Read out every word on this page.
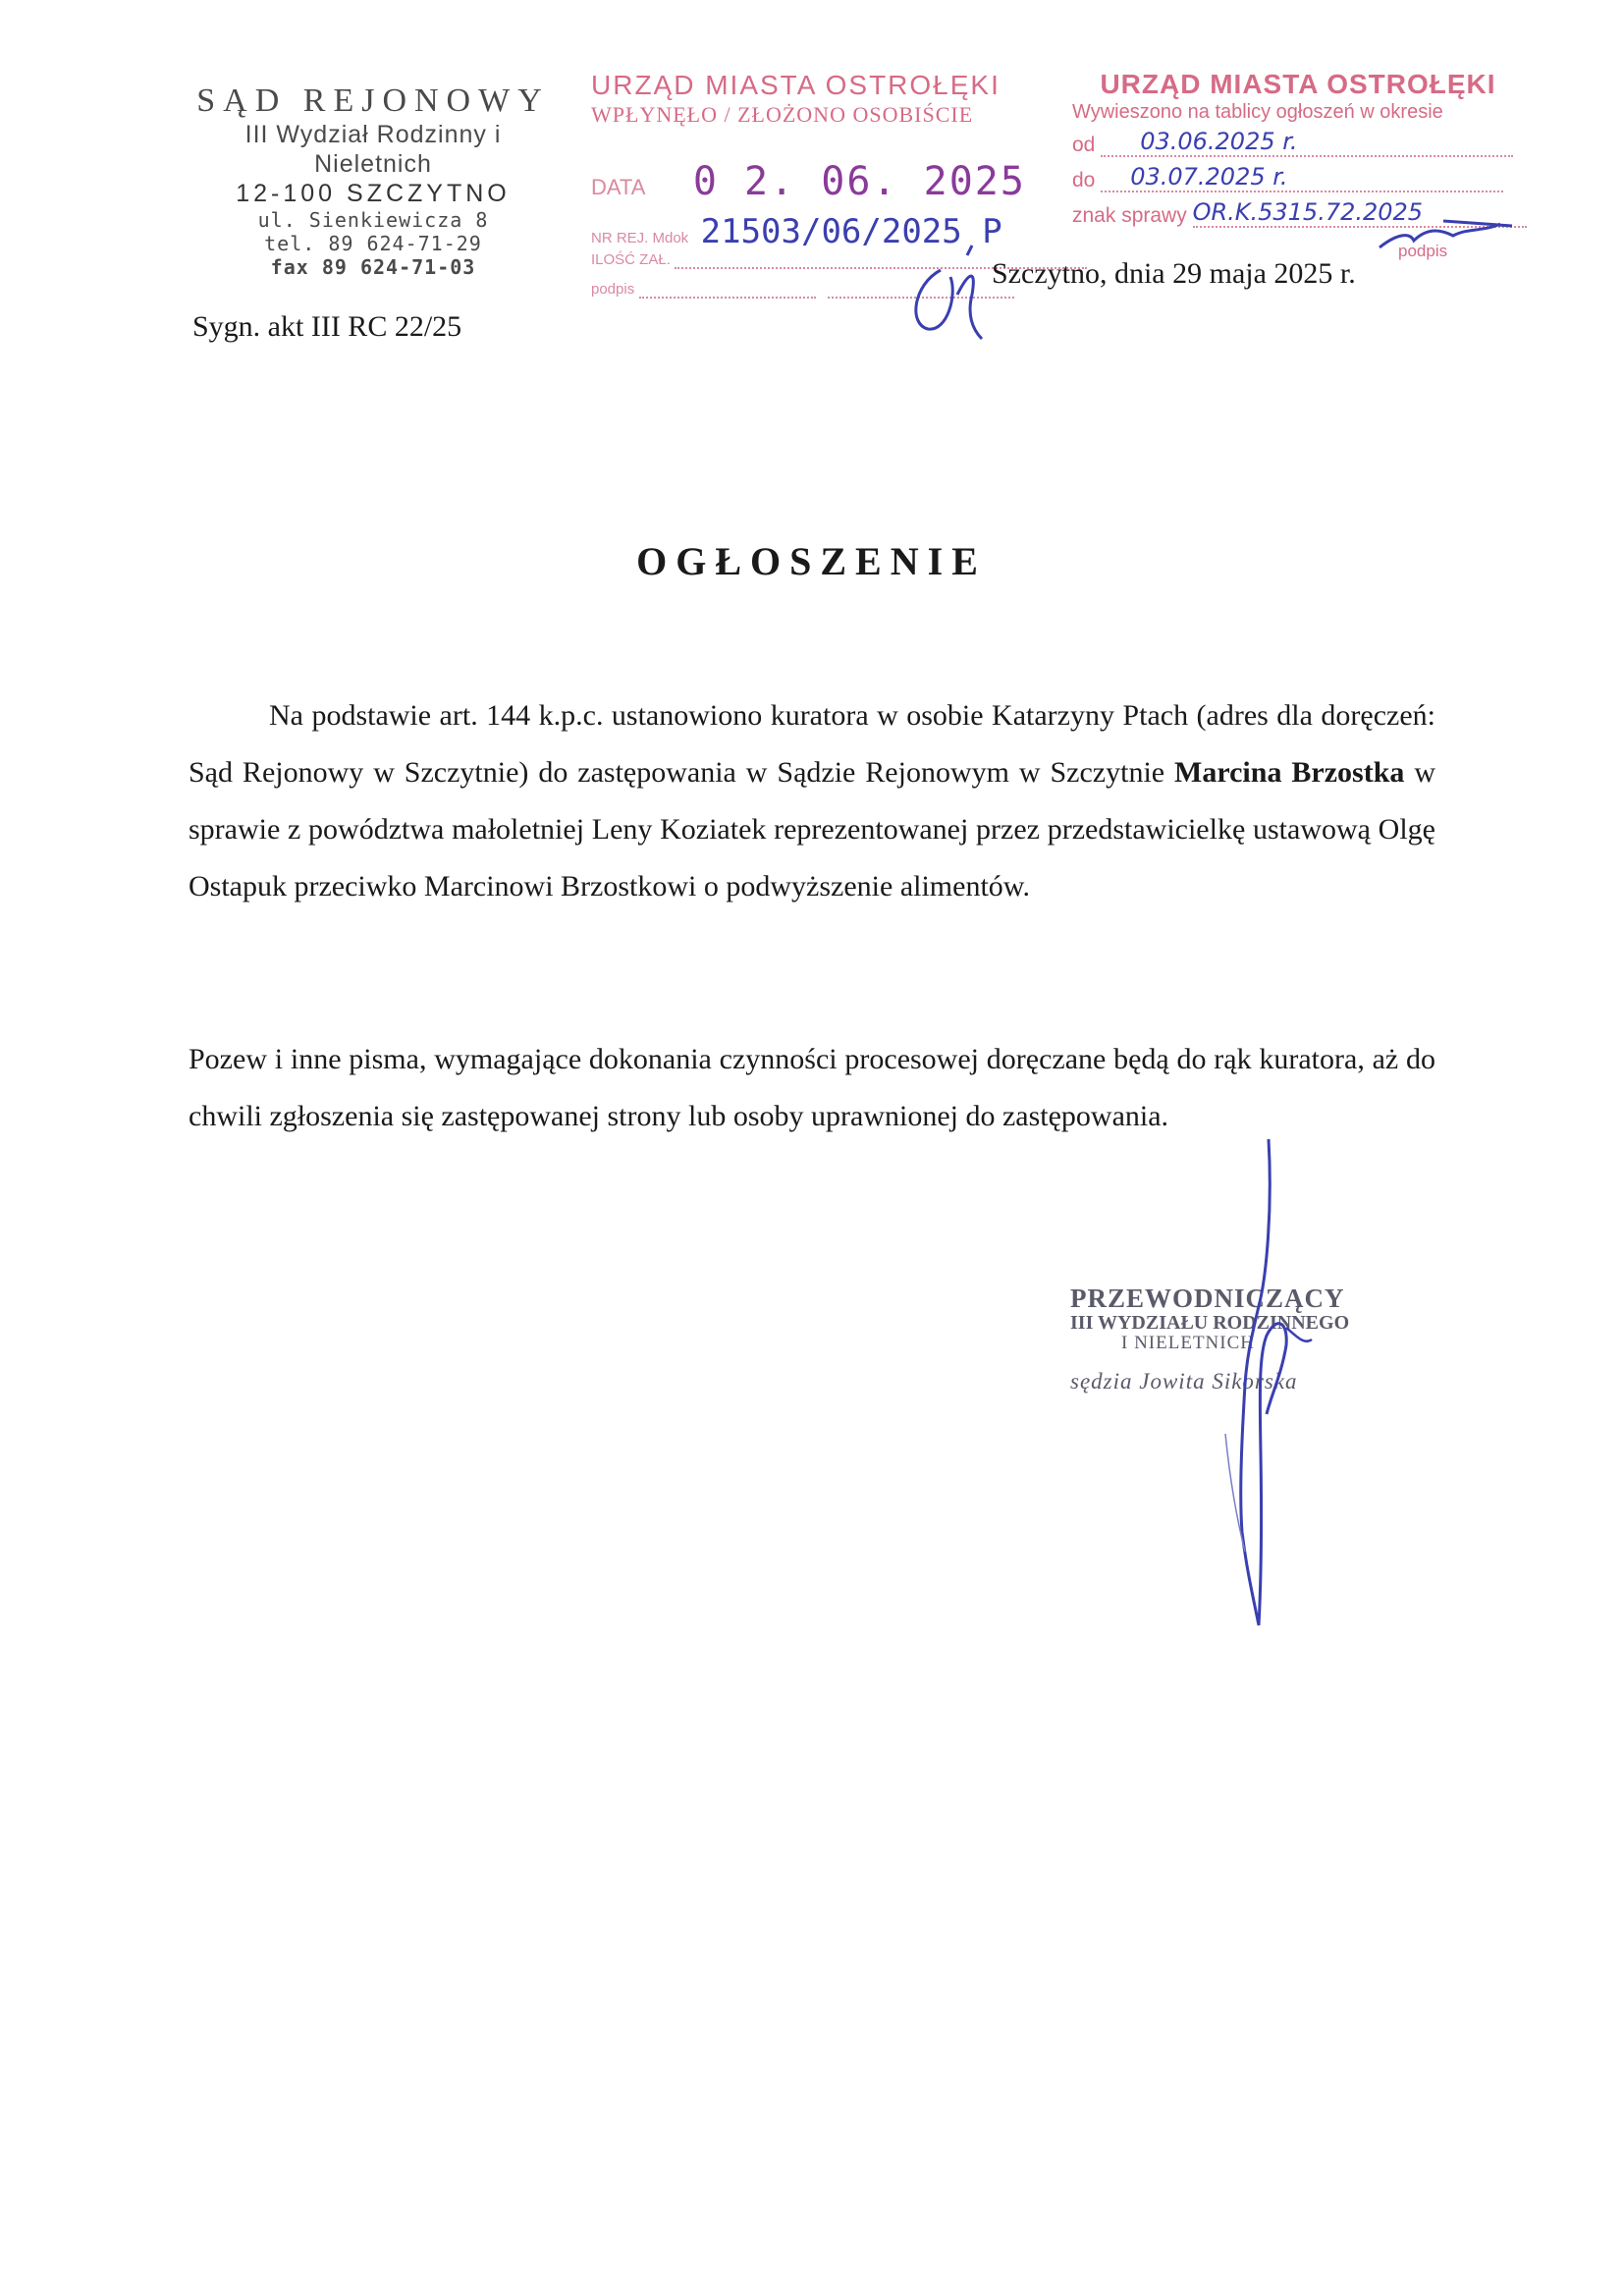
SĄD REJONOWY
III Wydział Rodzinny i Nieletnich
12-100 SZCZYTNO
ul. Sienkiewicza 8
tel. 89 624-71-29
fax 89 624-71-03
Sygn. akt III RC 22/25
URZĄD MIASTA OSTROŁĘKI
WPŁYNĘŁO / ZŁOŻONO OSOBIŚCIE
DATA 0 2. 06. 2025
NR REJ. Mdok 21503/06/2025 P
ILOŚĆ ZAŁ.
podpis
URZĄD MIASTA OSTROŁĘKI
Wywieszono na tablicy ogłoszeń w okresie
od 03.06.2025 r.
do 03.07.2025 r.
znak sprawy OR.K.5315.72.2025
podpis
Szczytno, dnia 29 maja 2025 r.
OGŁOSZENIE
Na podstawie art. 144 k.p.c. ustanowiono kuratora w osobie Katarzyny Ptach (adres dla doręczeń: Sąd Rejonowy w Szczytnie) do zastępowania w Sądzie Rejonowym w Szczytnie Marcina Brzostka w sprawie z powództwa małoletniej Leny Koziatek reprezentowanej przez przedstawicielkę ustawową Olgę Ostapuk przeciwko Marcinowi Brzostkowi o podwyższenie alimentów.
Pozew i inne pisma, wymagające dokonania czynności procesowej doręczane będą do rąk kuratora, aż do chwili zgłoszenia się zastępowanej strony lub osoby uprawnionej do zastępowania.
PRZEWODNICZĄCY
III WYDZIAŁU RODZINNEGO
I NIELETNICH
sędzia Jowita Sikorska
